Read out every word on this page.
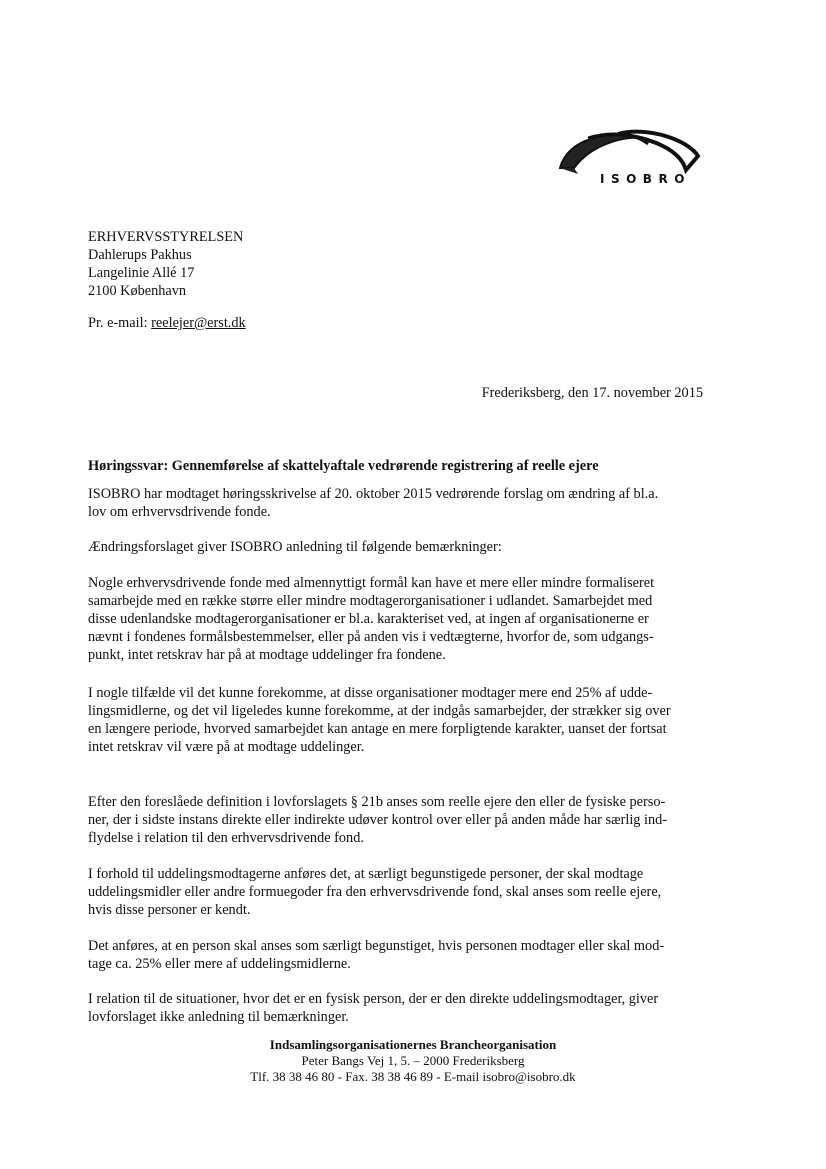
ISOBRO
ERHVERVSSTYRELSEN
Dahlerups Pakhus
Langelinie Allé 17
2100 København
Pr. e-mail: reelejer@erst.dk
Frederiksberg, den 17. november 2015
Høringssvar: Gennemførelse af skattelyaftale vedrørende registrering af reelle ejere
ISOBRO har modtaget høringsskrivelse af 20. oktober 2015 vedrørende forslag om ændring af bl.a.
lov om erhvervsdrivende fonde.
Ændringsforslaget giver ISOBRO anledning til følgende bemærkninger:
Nogle erhvervsdrivende fonde med almennyttigt formål kan have et mere eller mindre formaliseret
samarbejde med en række større eller mindre modtagerorganisationer i udlandet. Samarbejdet med
disse udenlandske modtagerorganisationer er bl.a. karakteriset ved, at ingen af organisationerne er
nævnt i fondenes formålsbestemmelser, eller på anden vis i vedtægterne, hvorfor de, som udgangs-
punkt, intet retskrav har på at modtage uddelinger fra fondene.
I nogle tilfælde vil det kunne forekomme, at disse organisationer modtager mere end 25% af udde-
lingsmidlerne, og det vil ligeledes kunne forekomme, at der indgås samarbejder, der strækker sig over
en længere periode, hvorved samarbejdet kan antage en mere forpligtende karakter, uanset der fortsat
intet retskrav vil være på at modtage uddelinger.
Efter den foreslåede definition i lovforslagets § 21b anses som reelle ejere den eller de fysiske perso-
ner, der i sidste instans direkte eller indirekte udøver kontrol over eller på anden måde har særlig ind-
flydelse i relation til den erhvervsdrivende fond.
I forhold til uddelingsmodtagerne anføres det, at særligt begunstigede personer, der skal modtage
uddelingsmidler eller andre formuegoder fra den erhvervsdrivende fond, skal anses som reelle ejere,
hvis disse personer er kendt.
Det anføres, at en person skal anses som særligt begunstiget, hvis personen modtager eller skal mod-
tage ca. 25% eller mere af uddelingsmidlerne.
I relation til de situationer, hvor det er en fysisk person, der er den direkte uddelingsmodtager, giver
lovforslaget ikke anledning til bemærkninger.
Indsamlingsorganisationernes Brancheorganisation
Peter Bangs Vej 1, 5. – 2000 Frederiksberg
Tlf. 38 38 46 80 - Fax. 38 38 46 89 - E-mail isobro@isobro.dk
